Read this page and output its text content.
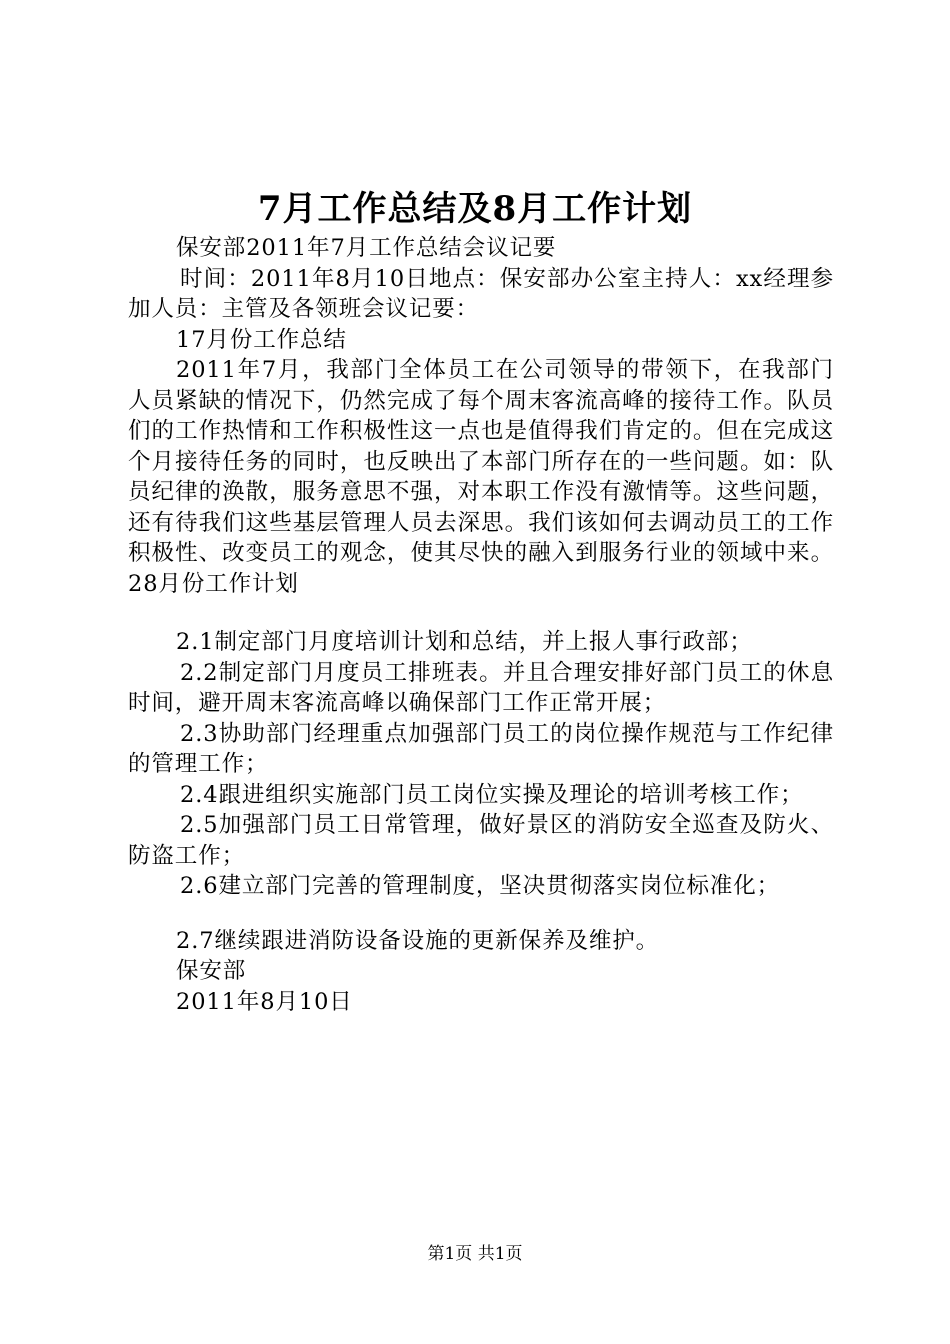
7月工作总结及8月工作计划

保安部2011年7月工作总结会议记要

时间：2011年8月10日地点：保安部办公室主持人：xx经理参加人员：主管及各领班会议记要：

17月份工作总结

2011年7月，我部门全体员工在公司领导的带领下，在我部门人员紧缺的情况下，仍然完成了每个周末客流高峰的接待工作。队员们的工作热情和工作积极性这一点也是值得我们肯定的。但在完成这个月接待任务的同时，也反映出了本部门所存在的一些问题。如：队员纪律的涣散，服务意思不强，对本职工作没有激情等。这些问题，还有待我们这些基层管理人员去深思。我们该如何去调动员工的工作积极性、改变员工的观念，使其尽快的融入到服务行业的领域中来。28月份工作计划

2.1制定部门月度培训计划和总结，并上报人事行政部；

2.2制定部门月度员工排班表。并且合理安排好部门员工的休息时间，避开周末客流高峰以确保部门工作正常开展；

2.3协助部门经理重点加强部门员工的岗位操作规范与工作纪律的管理工作；

2.4跟进组织实施部门员工岗位实操及理论的培训考核工作；

2.5加强部门员工日常管理，做好景区的消防安全巡查及防火、防盗工作；

2.6建立部门完善的管理制度，坚决贯彻落实岗位标准化；

2.7继续跟进消防设备设施的更新保养及维护。

保安部

2011年8月10日

第1页 共1页
